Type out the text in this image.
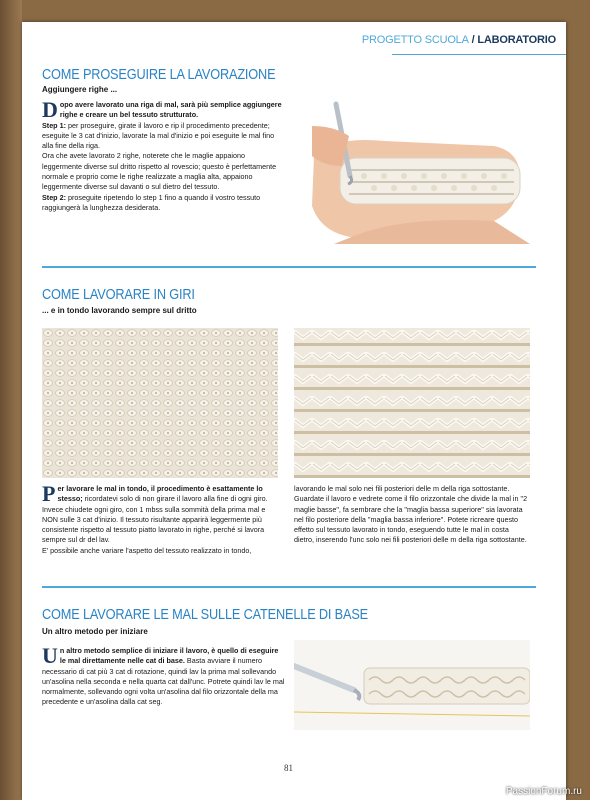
PROGETTO SCUOLA / LABORATORIO
COME PROSEGUIRE LA LAVORAZIONE
Aggiungere righe ...

Dopo avere lavorato una riga di mal, sarà più semplice aggiungere righe e creare un bel tessuto strutturato.
Step 1: per proseguire, girate il lavoro e rip il procedimento precedente; eseguite le 3 cat d'inizio, lavorate la mal d'inizio e poi eseguite le mal fino alla fine della riga.
Ora che avete lavorato 2 righe, noterete che le maglie appaiono leggermente diverse sul dritto rispetto al rovescio; questo è perfettamente normale e proprio come le righe realizzate a maglia alta, appaiono leggermente diverse sul davanti o sul dietro del tessuto.
Step 2: proseguite ripetendo lo step 1 fino a quando il vostro tessuto raggiungerà la lunghezza desiderata.

COME LAVORARE IN GIRI
... e in tondo lavorando sempre sul dritto

Per lavorare le mal in tondo, il procedimento è esattamente lo stesso; ricordatevi solo di non girare il lavoro alla fine di ogni giro. Invece chiudete ogni giro, con 1 mbss sulla sommità della prima mal e NON sulle 3 cat d'inizio. Il tessuto risultante apparirà leggermente più consistente rispetto al tessuto piatto lavorato in righe, perché si lavora sempre sul dr del lav.
E' possibile anche variare l'aspetto del tessuto realizzato in tondo,

lavorando le mal solo nei fili posteriori delle m della riga sottostante. Guardate il lavoro e vedrete come il filo orizzontale che divide la mal in "2 maglie basse", fa sembrare che la "maglia bassa superiore" sia lavorata nel filo posteriore della "maglia bassa inferiore". Potete ricreare questo effetto sul tessuto lavorato in tondo, eseguendo tutte le mal in costa dietro, inserendo l'unc solo nei fili posteriori delle m della riga sottostante.

COME LAVORARE LE MAL SULLE CATENELLE DI BASE
Un altro metodo per iniziare

Un altro metodo semplice di iniziare il lavoro, è quello di eseguire le mal direttamente nelle cat di base. Basta avviare il numero necessario di cat più 3 cat di rotazione, quindi lav la prima mal sollevando un'asolina nella seconda e nella quarta cat dall'unc. Potrete quindi lav le mal normalmente, sollevando ogni volta un'asolina dal filo orizzontale della ma precedente e un'asolina dalla cat seg.

81
PassionForum.ru
